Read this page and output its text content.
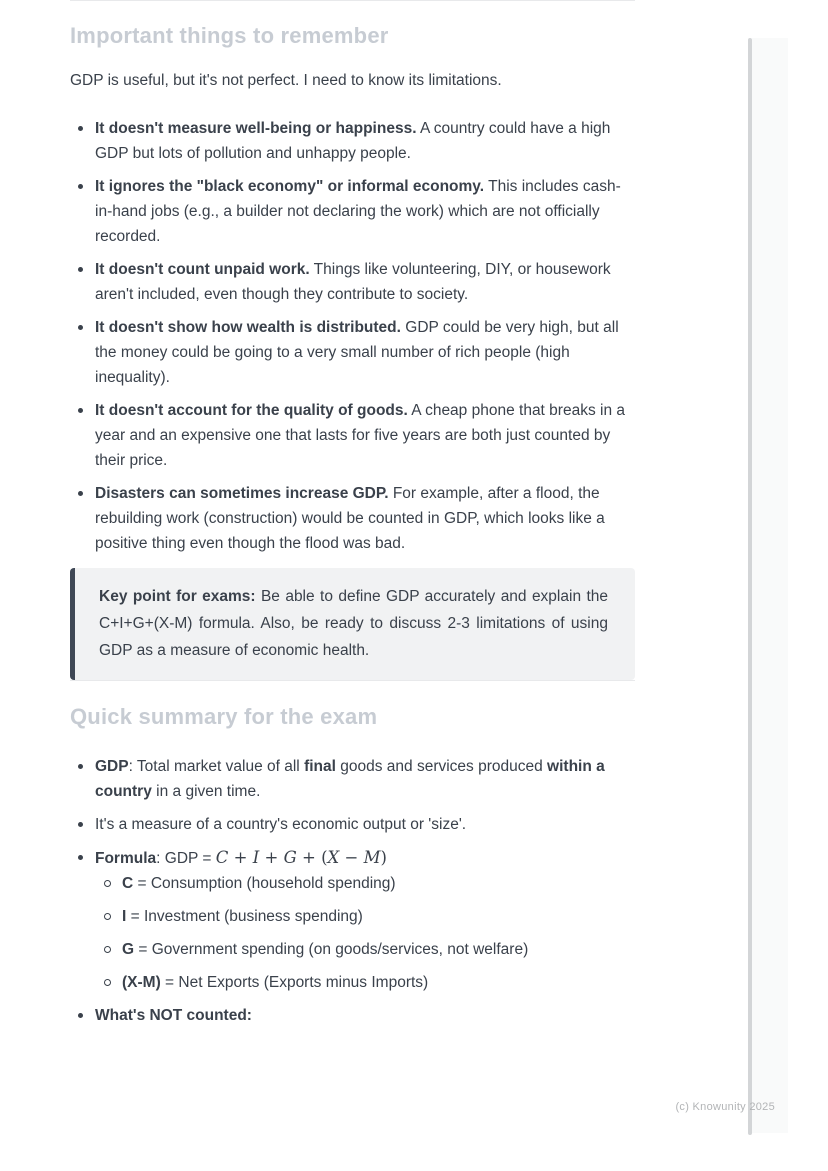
Important things to remember

GDP is useful, but it's not perfect. I need to know its limitations.

It doesn't measure well-being or happiness. A country could have a high GDP but lots of pollution and unhappy people.
It ignores the "black economy" or informal economy. This includes cash-in-hand jobs (e.g., a builder not declaring the work) which are not officially recorded.
It doesn't count unpaid work. Things like volunteering, DIY, or housework aren't included, even though they contribute to society.
It doesn't show how wealth is distributed. GDP could be very high, but all the money could be going to a very small number of rich people (high inequality).
It doesn't account for the quality of goods. A cheap phone that breaks in a year and an expensive one that lasts for five years are both just counted by their price.
Disasters can sometimes increase GDP. For example, after a flood, the rebuilding work (construction) would be counted in GDP, which looks like a positive thing even though the flood was bad.
Key point for exams: Be able to define GDP accurately and explain the C+I+G+(X-M) formula. Also, be ready to discuss 2-3 limitations of using GDP as a measure of economic health.
Quick summary for the exam
GDP: Total market value of all final goods and services produced within a country in a given time.
It's a measure of a country's economic output or 'size'.
Formula: GDP = C + I + G + (X − M)
C = Consumption (household spending)
I = Investment (business spending)
G = Government spending (on goods/services, not welfare)
(X-M) = Net Exports (Exports minus Imports)
What's NOT counted:
(c) Knowunity 2025
